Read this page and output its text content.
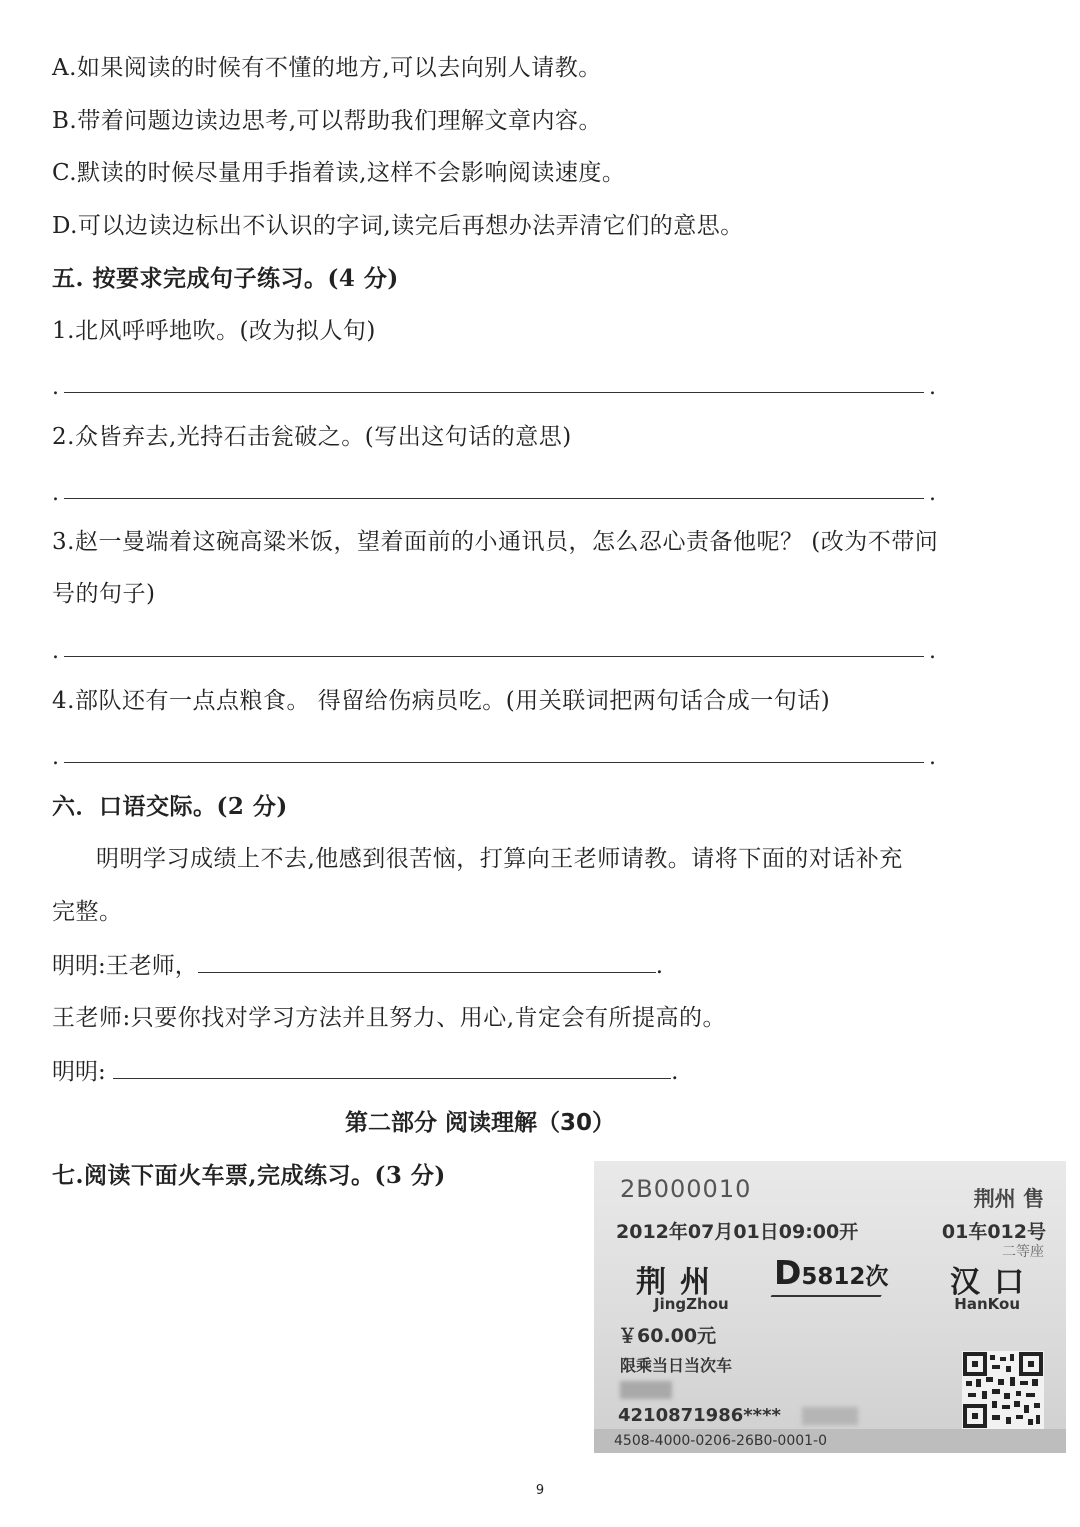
A.如果阅读的时候有不懂的地方,可以去向别人请教。
B.带着问题边读边思考,可以帮助我们理解文章内容。
C.默读的时候尽量用手指着读,这样不会影响阅读速度。
D.可以边读边标出不认识的字词,读完后再想办法弄清它们的意思。
五. 按要求完成句子练习。(4 分)
1.北风呼呼地吹。(改为拟人句)
.	.
2.众皆弃去,光持石击瓮破之。(写出这句话的意思)
.	.
3.赵一曼端着这碗高粱米饭，望着面前的小通讯员，怎么忍心责备他呢？ (改为不带问
号的句子)
.	.
4.部队还有一点点粮食。 得留给伤病员吃。(用关联词把两句话合成一句话)
.	.
六．口语交际。(2 分)
明明学习成绩上不去,他感到很苦恼，打算向王老师请教。请将下面的对话补充
完整。
明明:王老师，	.
王老师:只要你找对学习方法并且努力、用心,肯定会有所提高的。
明明:	.
第二部分 阅读理解（30）
七.阅读下面火车票,完成练习。(3 分)	2B000010	荆州 售
2012年07月01日09:00开	01车012号
二等座
荆州 D5812次 汉口
JingZhou	HanKou
￥60.00元
限乘当日当次车
4210871986****
4508-4000-0206-26B0-0001-0
9
